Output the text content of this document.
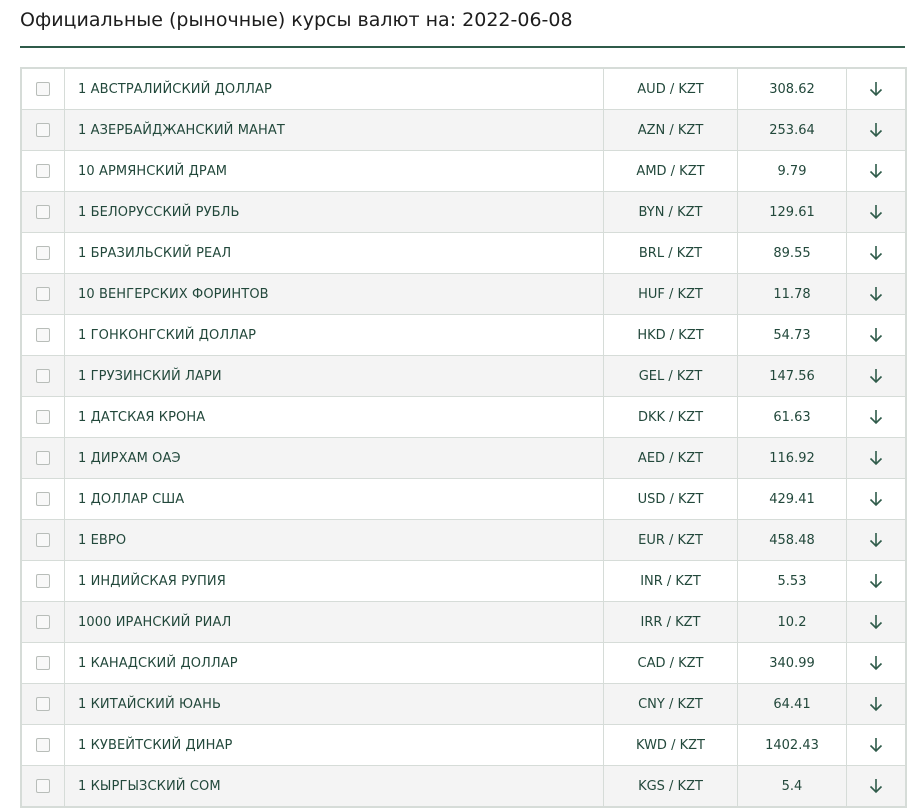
Официальные (рыночные) курсы валют на: 2022-06-08
	1 АВСТРАЛИЙСКИЙ ДОЛЛАР	AUD / KZT	308.62	
	1 АЗЕРБАЙДЖАНСКИЙ МАНАТ	AZN / KZT	253.64	
	10 АРМЯНСКИЙ ДРАМ	AMD / KZT	9.79	
	1 БЕЛОРУССКИЙ РУБЛЬ	BYN / KZT	129.61	
	1 БРАЗИЛЬСКИЙ РЕАЛ	BRL / KZT	89.55	
	10 ВЕНГЕРСКИХ ФОРИНТОВ	HUF / KZT	11.78	
	1 ГОНКОНГСКИЙ ДОЛЛАР	HKD / KZT	54.73	
	1 ГРУЗИНСКИЙ ЛАРИ	GEL / KZT	147.56	
	1 ДАТСКАЯ КРОНА	DKK / KZT	61.63	
	1 ДИРХАМ ОАЭ	AED / KZT	116.92	
	1 ДОЛЛАР США	USD / KZT	429.41	
	1 ЕВРО	EUR / KZT	458.48	
	1 ИНДИЙСКАЯ РУПИЯ	INR / KZT	5.53	
	1000 ИРАНСКИЙ РИАЛ	IRR / KZT	10.2	
	1 КАНАДСКИЙ ДОЛЛАР	CAD / KZT	340.99	
	1 КИТАЙСКИЙ ЮАНЬ	CNY / KZT	64.41	
	1 КУВЕЙТСКИЙ ДИНАР	KWD / KZT	1402.43	
	1 КЫРГЫЗСКИЙ СОМ	KGS / KZT	5.4	
